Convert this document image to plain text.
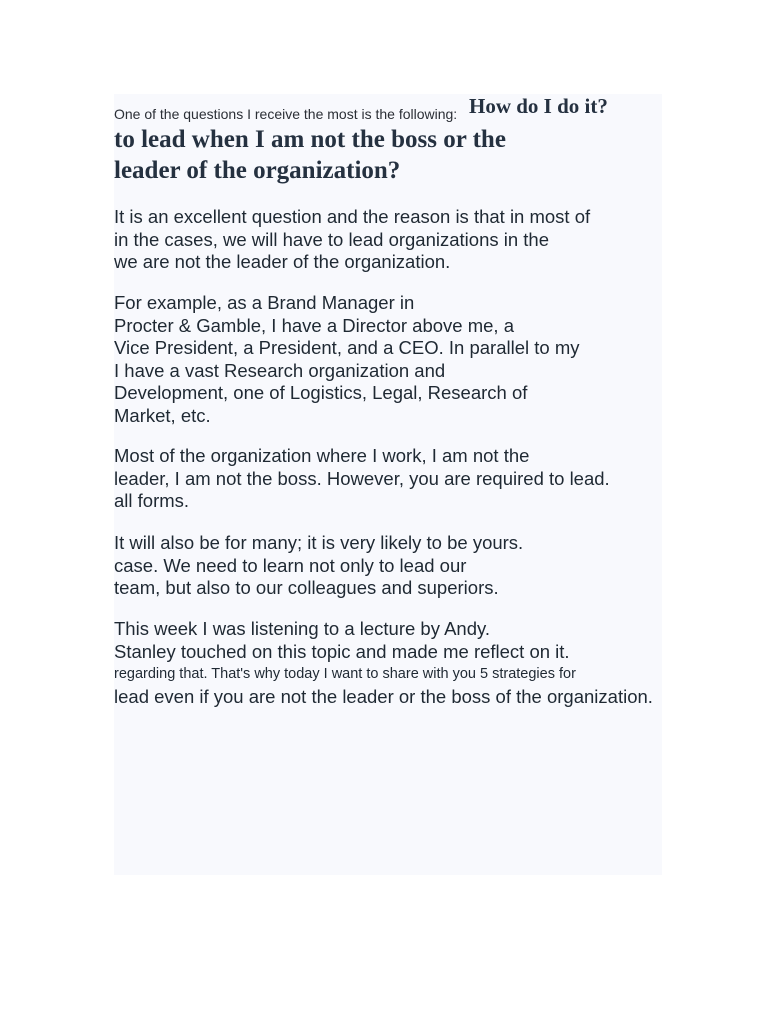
One of the questions I receive the most is the following: How do I do it?
to lead when I am not the boss or the
leader of the organization?
It is an excellent question and the reason is that in most of
in the cases, we will have to lead organizations in the
we are not the leader of the organization.
For example, as a Brand Manager in
Procter & Gamble, I have a Director above me, a
Vice President, a President, and a CEO. In parallel to my
I have a vast Research organization and
Development, one of Logistics, Legal, Research of
Market, etc.
Most of the organization where I work, I am not the
leader, I am not the boss. However, you are required to lead.
all forms.
It will also be for many; it is very likely to be yours.
case. We need to learn not only to lead our
team, but also to our colleagues and superiors.
This week I was listening to a lecture by Andy.
Stanley touched on this topic and made me reflect on it.
regarding that. That's why today I want to share with you 5 strategies for
lead even if you are not the leader or the boss of the organization.
